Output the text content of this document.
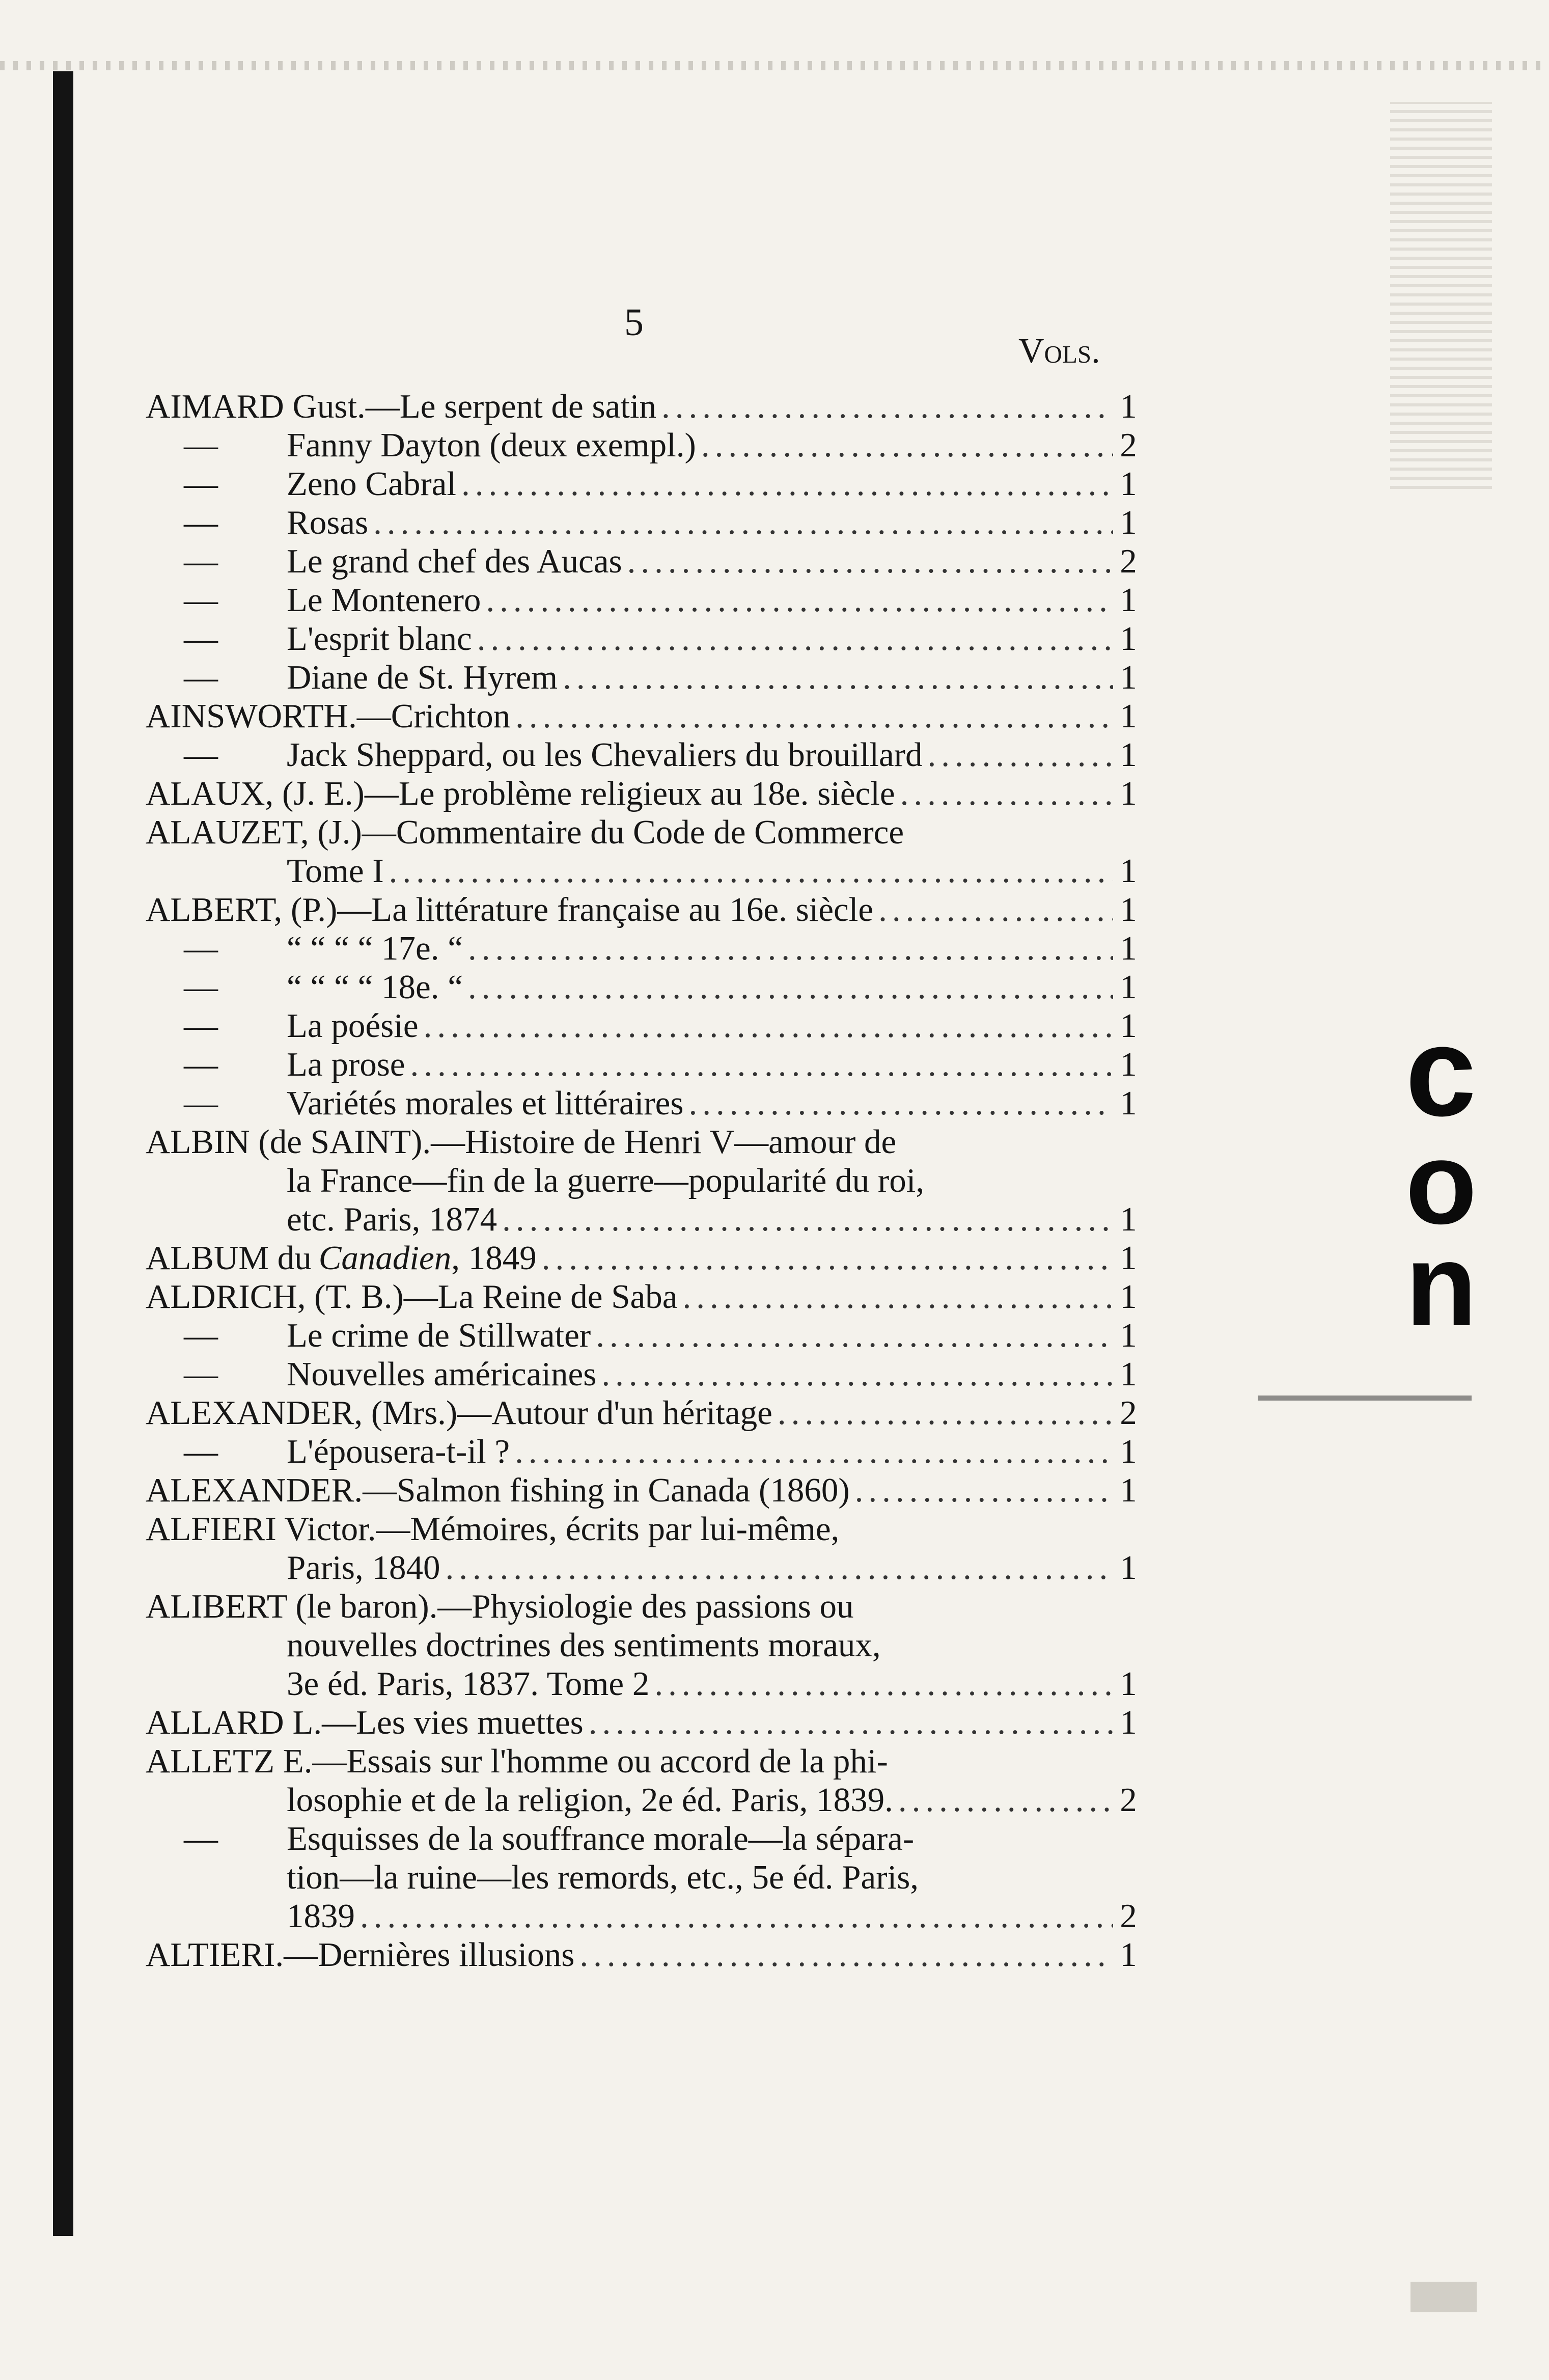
c
o
n
5
Vols.
AIMARD Gust.—Le serpent de satin .....	1
—	Fanny Dayton (deux exempl.) .....	2
—	Zeno Cabral .....	1
—	Rosas .....	1
—	Le grand chef des Aucas .....	2
—	Le Montenero .....	1
—	L'esprit blanc .....	1
—	Diane de St. Hyrem .....	1
AINSWORTH.—Crichton .....	1
—	Jack Sheppard, ou les Chevaliers du brouillard .....	1
ALAUX, (J. E.)—Le problème religieux au 18e. siècle .....	1
ALAUZET, (J.)—Commentaire du Code de Commerce
Tome I .....	1
ALBERT, (P.)—La littérature française au 16e. siècle .....	1
—	“ “ “ “ 17e. “ .....	1
—	“ “ “ “ 18e. “ .....	1
—	La poésie .....	1
—	La prose .....	1
—	Variétés morales et littéraires .....	1
ALBIN (de SAINT).—Histoire de Henri V—amour de
la France—fin de la guerre—popularité du roi,
etc. Paris, 1874 .....	1
ALBUM du Canadien, 1849 .....	1
ALDRICH, (T. B.)—La Reine de Saba .....	1
—	Le crime de Stillwater .....	1
—	Nouvelles américaines .....	1
ALEXANDER, (Mrs.)—Autour d'un héritage .....	2
—	L'épousera-t-il ? .....	1
ALEXANDER.—Salmon fishing in Canada (1860) .....	1
ALFIERI Victor.—Mémoires, écrits par lui-même,
Paris, 1840 .....	1
ALIBERT (le baron).—Physiologie des passions ou
nouvelles doctrines des sentiments moraux,
3e éd. Paris, 1837. Tome 2 .....	1
ALLARD L.—Les vies muettes .....	1
ALLETZ E.—Essais sur l'homme ou accord de la phi-
losophie et de la religion, 2e éd. Paris, 1839. .....	2
—	Esquisses de la souffrance morale—la sépara-
tion—la ruine—les remords, etc., 5e éd. Paris,
1839 .....	2
ALTIERI.—Dernières illusions .....	1
